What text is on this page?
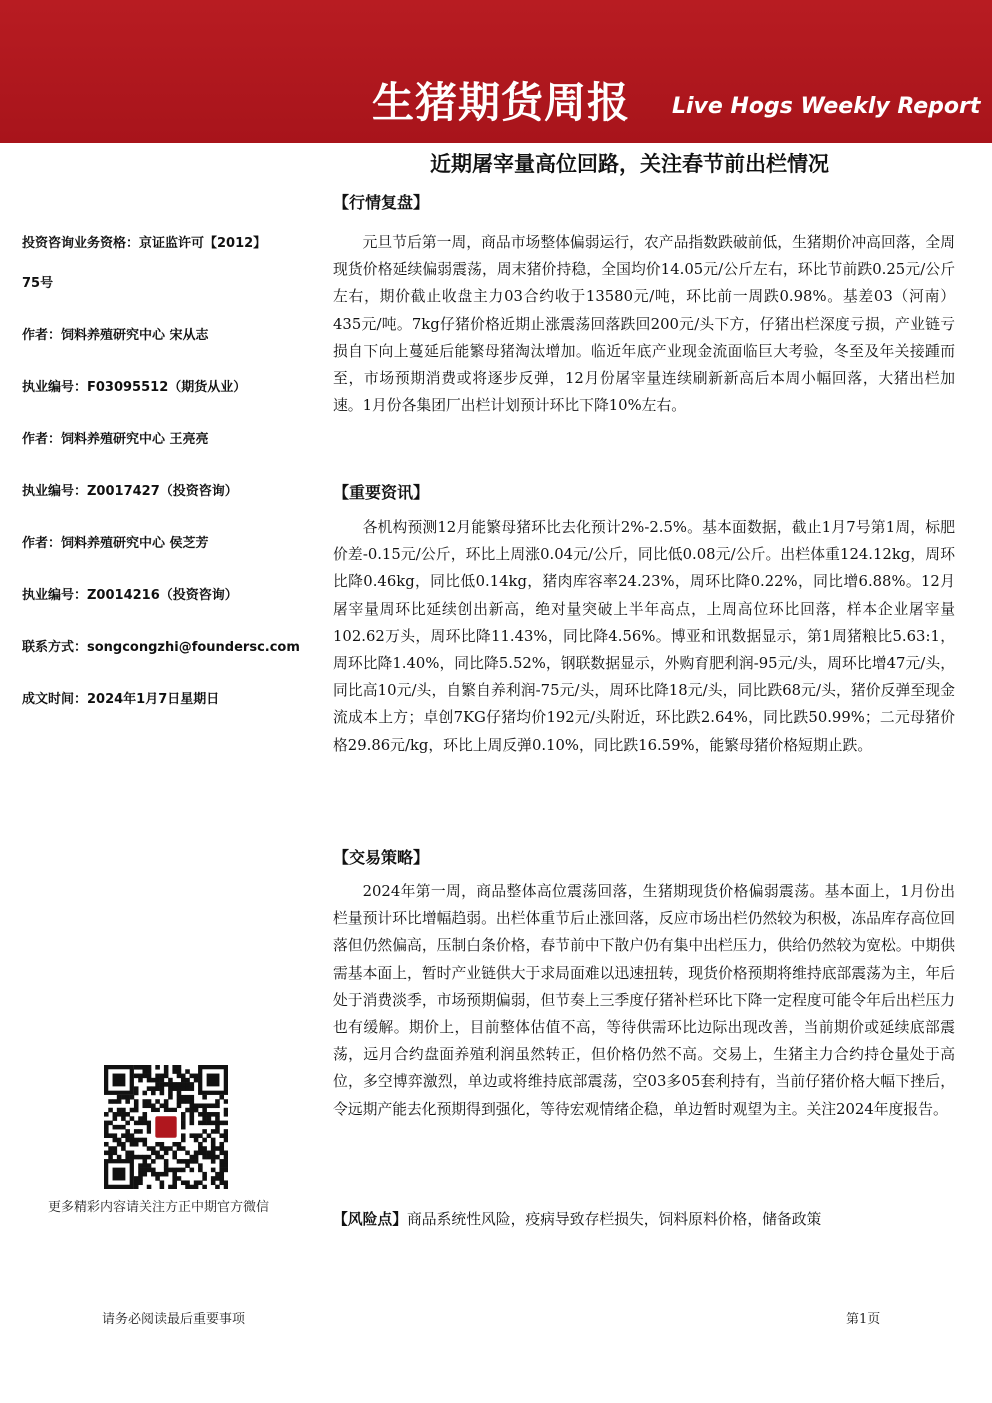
生猪期货周报 Live Hogs Weekly Report
近期屠宰量高位回路，关注春节前出栏情况
投资咨询业务资格：京证监许可【2012】
75号
作者：饲料养殖研究中心 宋从志
执业编号：F03095512（期货从业）
作者：饲料养殖研究中心 王亮亮
执业编号：Z0017427（投资咨询）
作者：饲料养殖研究中心 侯芝芳
执业编号：Z0014216（投资咨询）
联系方式：songcongzhi@foundersc.com
成文时间：2024年1月7日星期日
更多精彩内容请关注方正中期官方微信
【行情复盘】
元旦节后第一周，商品市场整体偏弱运行，农产品指数跌破前低，生猪期价冲高回落，全周现货价格延续偏弱震荡，周末猪价持稳，全国均价14.05元/公斤左右，环比节前跌0.25元/公斤左右，期价截止收盘主力03合约收于13580元/吨，环比前一周跌0.98%。基差03（河南）435元/吨。7kg仔猪价格近期止涨震荡回落跌回200元/头下方，仔猪出栏深度亏损，产业链亏损自下向上蔓延后能繁母猪淘汰增加。临近年底产业现金流面临巨大考验，冬至及年关接踵而至，市场预期消费或将逐步反弹，12月份屠宰量连续刷新新高后本周小幅回落，大猪出栏加速。1月份各集团厂出栏计划预计环比下降10%左右。
【重要资讯】
各机构预测12月能繁母猪环比去化预计2%-2.5%。基本面数据，截止1月7号第1周，标肥价差-0.15元/公斤，环比上周涨0.04元/公斤，同比低0.08元/公斤。出栏体重124.12kg，周环比降0.46kg，同比低0.14kg，猪肉库容率24.23%，周环比降0.22%，同比增6.88%。12月屠宰量周环比延续创出新高，绝对量突破上半年高点，上周高位环比回落，样本企业屠宰量102.62万头，周环比降11.43%，同比降4.56%。博亚和讯数据显示，第1周猪粮比5.63:1，周环比降1.40%，同比降5.52%，钢联数据显示，外购育肥利润-95元/头，周环比增47元/头，同比高10元/头，自繁自养利润-75元/头，周环比降18元/头，同比跌68元/头，猪价反弹至现金流成本上方；卓创7KG仔猪均价192元/头附近，环比跌2.64%，同比跌50.99%；二元母猪价格29.86元/kg，环比上周反弹0.10%，同比跌16.59%，能繁母猪价格短期止跌。
【交易策略】
2024年第一周，商品整体高位震荡回落，生猪期现货价格偏弱震荡。基本面上，1月份出栏量预计环比增幅趋弱。出栏体重节后止涨回落，反应市场出栏仍然较为积极，冻品库存高位回落但仍然偏高，压制白条价格，春节前中下散户仍有集中出栏压力，供给仍然较为宽松。中期供需基本面上，暂时产业链供大于求局面难以迅速扭转，现货价格预期将维持底部震荡为主，年后处于消费淡季，市场预期偏弱，但节奏上三季度仔猪补栏环比下降一定程度可能令年后出栏压力也有缓解。期价上，目前整体估值不高，等待供需环比边际出现改善，当前期价或延续底部震荡，远月合约盘面养殖利润虽然转正，但价格仍然不高。交易上，生猪主力合约持仓量处于高位，多空博弈激烈，单边或将维持底部震荡，空03多05套利持有，当前仔猪价格大幅下挫后，令远期产能去化预期得到强化，等待宏观情绪企稳，单边暂时观望为主。关注2024年度报告。
【风险点】商品系统性风险，疫病导致存栏损失，饲料原料价格，储备政策
请务必阅读最后重要事项	第1页
